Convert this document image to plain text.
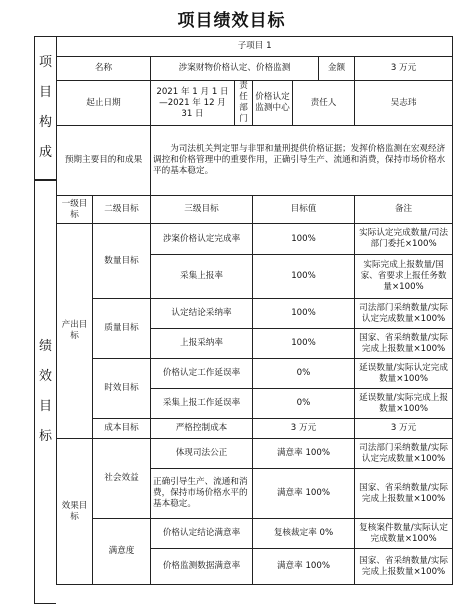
项目绩效目标
项
目
构
成
绩
效
目
标
子项目 1							
名称		涉案财物价格认定、价格监测				金额	3 万元
起止日期		2021 年 1 月 1 日—2021 年 12 月 31 日	责任部门	价格认定监测中心	责任人		吴志玮
预期主要目的和成果		为司法机关判定罪与非罪和量刑提供价格证据；发挥价格监测在宏观经济调控和价格管理中的重要作用，正确引导生产、流通和消费，保持市场价格水平的基本稳定。					
一级目标	二级目标	三级目标		目标值			备注
产出目标	数量目标	涉案价格认定完成率		100%			实际认定完成数量/司法部门委托×100%
		采集上报率		100%			实际完成上报数量/国家、省要求上报任务数量×100%
	质量目标	认定结论采纳率		100%			司法部门采纳数量/实际认定完成数量×100%
		上报采纳率		100%			国家、省采纳数量/实际完成上报数量×100%
	时效目标	价格认定工作延误率		0%			延误数量/实际认定完成数量×100%
		采集上报工作延误率		0%			延误数量/实际完成上报数量×100%
	成本目标	严格控制成本		3 万元			3 万元
效果目标	社会效益	体现司法公正		满意率 100%			司法部门采纳数量/实际认定完成数量×100%
		正确引导生产、流通和消费，保持市场价格水平的基本稳定。		满意率 100%			国家、省采纳数量/实际完成上报数量×100%
	满意度	价格认定结论满意率		复核裁定率 0%			复核案件数量/实际认定完成数量×100%
		价格监测数据满意率		满意率 100%			国家、省采纳数量/实际完成上报数量×100%
